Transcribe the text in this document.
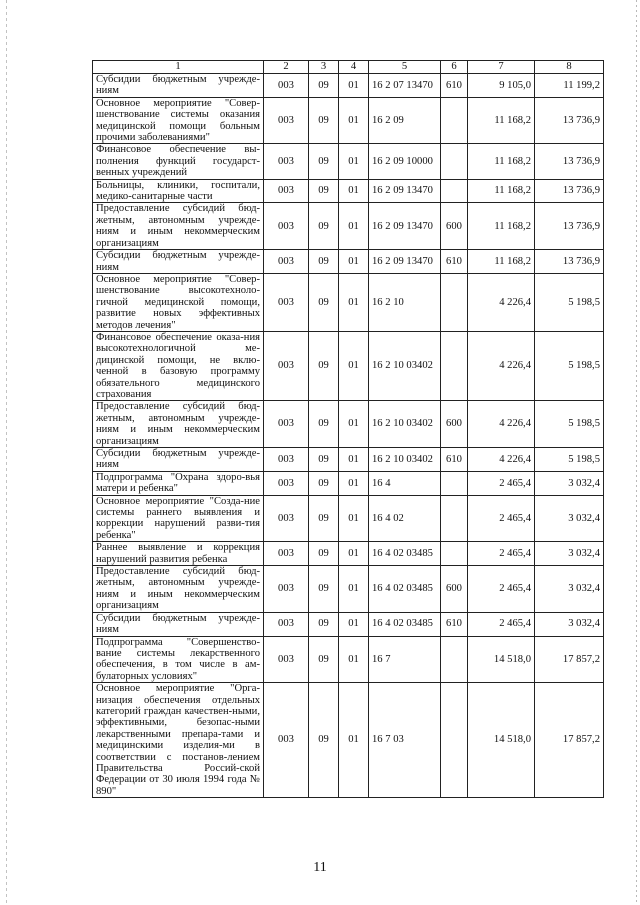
1	2	3	4	5	6	7	8
Субсидии бюджетным учрежде-ниям	003	09	01	16 2 07 13470	610	9 105,0	11 199,2
Основное мероприятие "Совер-шенствование системы оказания медицинской помощи больным прочими заболеваниями"	003	09	01	16 2 09		11 168,2	13 736,9
Финансовое обеспечение вы-полнения функций государст-венных учреждений	003	09	01	16 2 09 10000		11 168,2	13 736,9
Больницы, клиники, госпитали, медико-санитарные части	003	09	01	16 2 09 13470		11 168,2	13 736,9
Предоставление субсидий бюд-жетным, автономным учрежде-ниям и иным некоммерческим организациям	003	09	01	16 2 09 13470	600	11 168,2	13 736,9
Субсидии бюджетным учрежде-ниям	003	09	01	16 2 09 13470	610	11 168,2	13 736,9
Основное мероприятие "Совер-шенствование высокотехноло-гичной медицинской помощи, развитие новых эффективных методов лечения"	003	09	01	16 2 10		4 226,4	5 198,5
Финансовое обеспечение оказа-ния высокотехнологичной ме-дицинской помощи, не вклю-ченной в базовую программу обязательного медицинского страхования	003	09	01	16 2 10 03402		4 226,4	5 198,5
Предоставление субсидий бюд-жетным, автономным учрежде-ниям и иным некоммерческим организациям	003	09	01	16 2 10 03402	600	4 226,4	5 198,5
Субсидии бюджетным учрежде-ниям	003	09	01	16 2 10 03402	610	4 226,4	5 198,5
Подпрограмма "Охрана здоро-вья матери и ребенка"	003	09	01	16 4		2 465,4	3 032,4
Основное мероприятие "Созда-ние системы раннего выявления и коррекции нарушений разви-тия ребенка"	003	09	01	16 4 02		2 465,4	3 032,4
Раннее выявление и коррекция нарушений развития ребенка	003	09	01	16 4 02 03485		2 465,4	3 032,4
Предоставление субсидий бюд-жетным, автономным учрежде-ниям и иным некоммерческим организациям	003	09	01	16 4 02 03485	600	2 465,4	3 032,4
Субсидии бюджетным учрежде-ниям	003	09	01	16 4 02 03485	610	2 465,4	3 032,4
Подпрограмма "Совершенство-вание системы лекарственного обеспечения, в том числе в ам-булаторных условиях"	003	09	01	16 7		14 518,0	17 857,2
Основное мероприятие "Орга-низация обеспечения отдельных категорий граждан качествен-ными, эффективными, безопас-ными лекарственными препара-тами и медицинскими изделия-ми в соответствии с постанов-лением Правительства Россий-ской Федерации от 30 июля 1994 года № 890"	003	09	01	16 7 03		14 518,0	17 857,2
11
